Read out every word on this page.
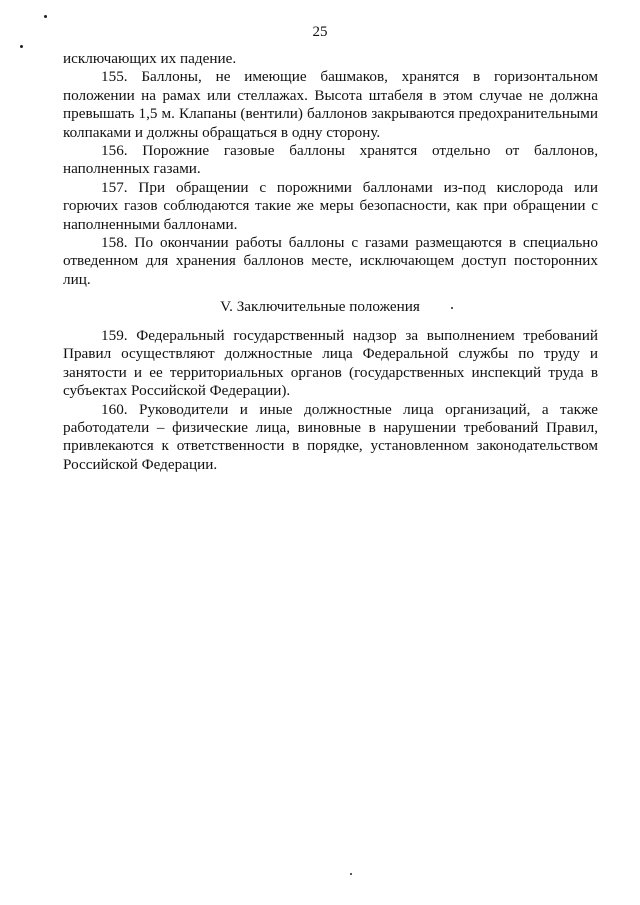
25

исключающих их падение.

155. Баллоны, не имеющие башмаков, хранятся в горизонтальном положении на рамах или стеллажах. Высота штабеля в этом случае не должна превышать 1,5 м. Клапаны (вентили) баллонов закрываются предохранительными колпаками и должны обращаться в одну сторону.

156. Порожние газовые баллоны хранятся отдельно от баллонов, наполненных газами.

157. При обращении с порожними баллонами из-под кислорода или горючих газов соблюдаются такие же меры безопасности, как при обращении с наполненными баллонами.

158. По окончании работы баллоны с газами размещаются в специально отведенном для хранения баллонов месте, исключающем доступ посторонних лиц.

V. Заключительные положения

159. Федеральный государственный надзор за выполнением требований Правил осуществляют должностные лица Федеральной службы по труду и занятости и ее территориальных органов (государственных инспекций труда в субъектах Российской Федерации).

160. Руководители и иные должностные лица организаций, а также работодатели – физические лица, виновные в нарушении требований Правил, привлекаются к ответственности в порядке, установленном законодательством Российской Федерации.
